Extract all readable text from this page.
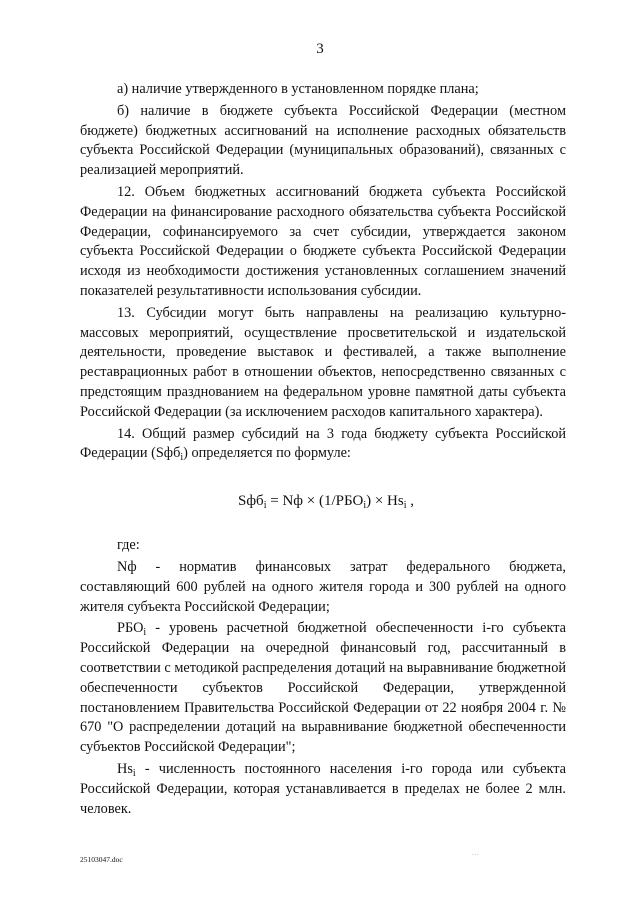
3

а) наличие утвержденного в установленном порядке плана;

б) наличие в бюджете субъекта Российской Федерации (местном бюджете) бюджетных ассигнований на исполнение расходных обязательств субъекта Российской Федерации (муниципальных образований), связанных с реализацией мероприятий.

12. Объем бюджетных ассигнований бюджета субъекта Российской Федерации на финансирование расходного обязательства субъекта Российской Федерации, софинансируемого за счет субсидии, утверждается законом субъекта Российской Федерации о бюджете субъекта Российской Федерации исходя из необходимости достижения установленных соглашением значений показателей результативности использования субсидии.

13. Субсидии могут быть направлены на реализацию культурно-массовых мероприятий, осуществление просветительской и издательской деятельности, проведение выставок и фестивалей, а также выполнение реставрационных работ в отношении объектов, непосредственно связанных с предстоящим празднованием на федеральном уровне памятной даты субъекта Российской Федерации (за исключением расходов капитального характера).

14. Общий размер субсидий на 3 года бюджету субъекта Российской Федерации (Sфб$_i$) определяется по формуле:

Sфб$_i$ = Nф × $(1/РБО_i) \times Hs_i$ ,

где:

Nф - норматив финансовых затрат федерального бюджета, составляющий 600 рублей на одного жителя города и 300 рублей на одного жителя субъекта Российской Федерации;

$РБО_i$ - уровень расчетной бюджетной обеспеченности i-го субъекта Российской Федерации на очередной финансовый год, рассчитанный в соответствии с методикой распределения дотаций на выравнивание бюджетной обеспеченности субъектов Российской Федерации, утвержденной постановлением Правительства Российской Федерации от 22 ноября 2004 г. № 670 "О распределении дотаций на выравнивание бюджетной обеспеченности субъектов Российской Федерации";

$Hs_i$ - численность постоянного населения i-го города или субъекта Российской Федерации, которая устанавливается в пределах не более 2 млн. человек.

25103047.doc
...
